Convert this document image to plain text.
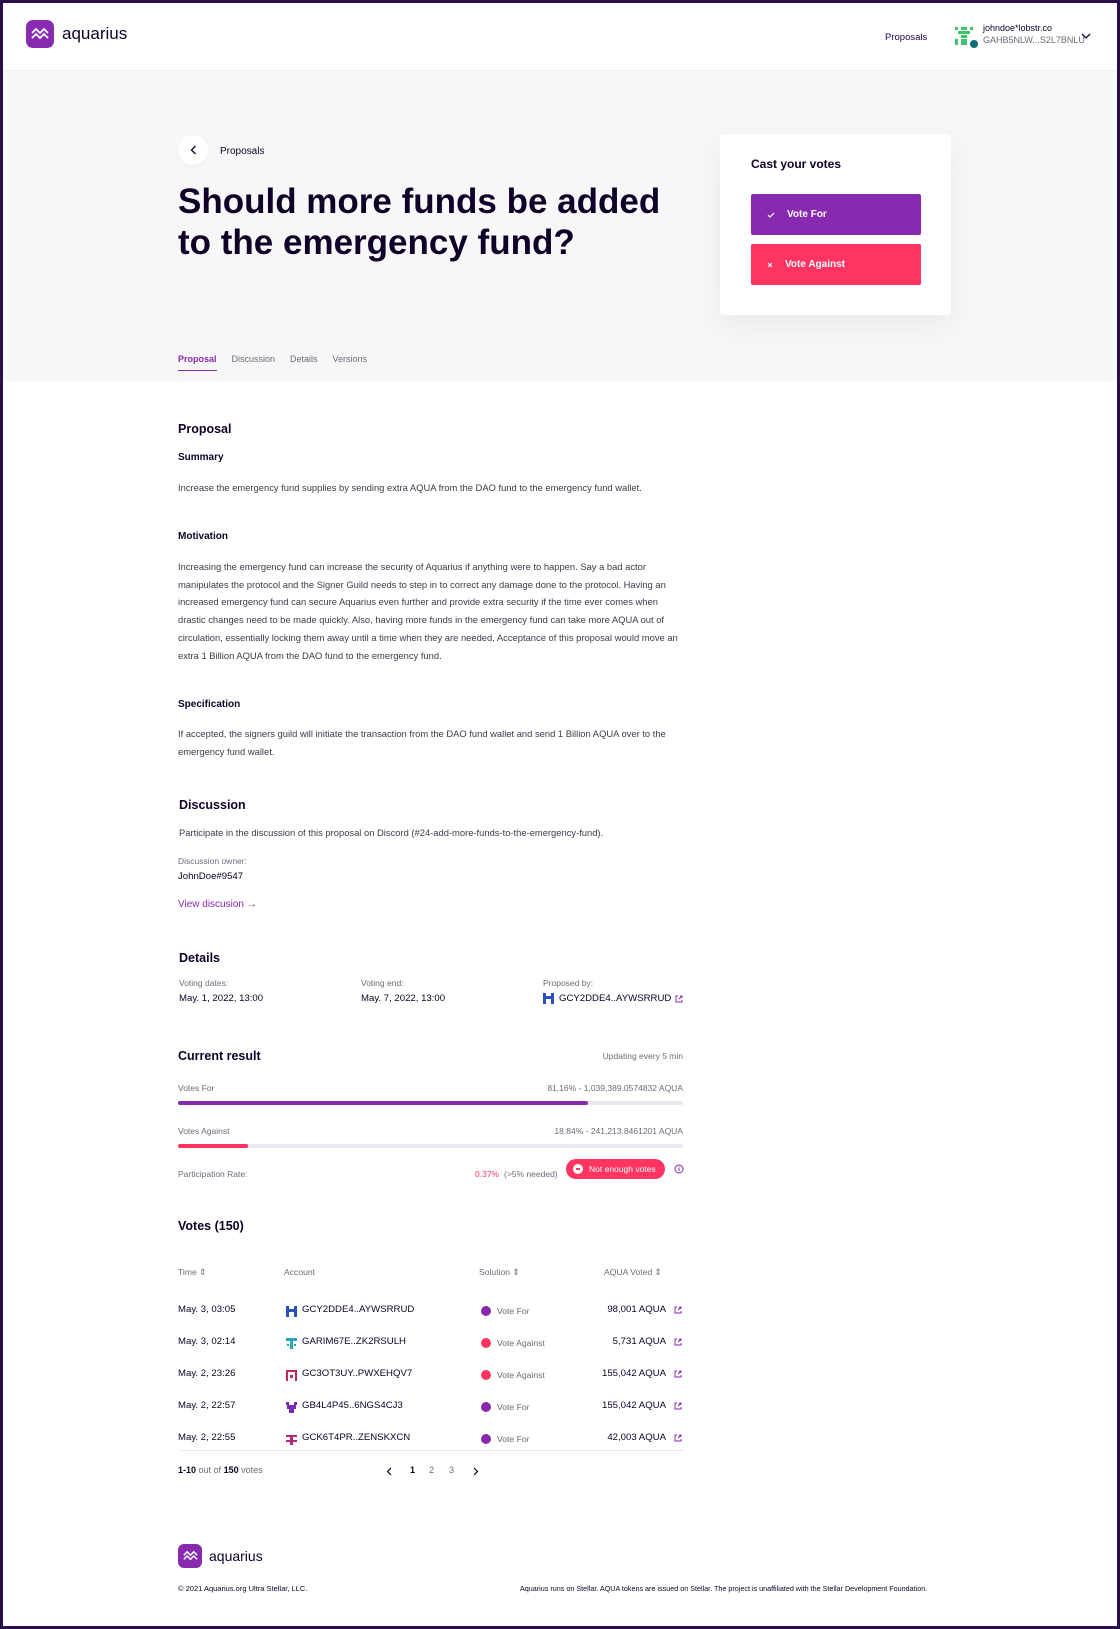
aquarius	Proposals
johndoe*lobstr.co
GAHB5NLW...S2L7BNLU
Proposals
Should more funds be added to the emergency fund?
Proposal Discussion Details Versions
Cast your votes
Vote For
Vote Against
Proposal
Summary

Increase the emergency fund supplies by sending extra AQUA from the DAO fund to the emergency fund wallet.

Motivation

Increasing the emergency fund can increase the security of Aquarius if anything were to happen. Say a bad actor manipulates the protocol and the Signer Guild needs to step in to correct any damage done to the protocol. Having an increased emergency fund can secure Aquarius even further and provide extra security if the time ever comes when drastic changes need to be made quickly. Also, having more funds in the emergency fund can take more AQUA out of circulation, essentially locking them away until a time when they are needed. Acceptance of this proposal would move an extra 1 Billion AQUA from the DAO fund to the emergency fund.

Specification

If accepted, the signers guild will initiate the transaction from the DAO fund wallet and send 1 Billion AQUA over to the emergency fund wallet.

Discussion

Participate in the discussion of this proposal on Discord (#24-add-more-funds-to-the-emergency-fund).

Discussion owner:
JohnDoe#9547
View discusion →
Details
Voting dates:
May. 1, 2022, 13:00
Voting end:
May. 7, 2022, 13:00
Proposed by:
GCY2DDE4..AYWSRRUD
Current result	Updating every 5 min
Votes For	81.16% - 1,039,389.0574832 AQUA
Votes Against	18.84% - 241,213.8461201 AQUA
Participation Rate:	0.37% (>5% needed)	Not enough votes
Votes (150)
Time ⇕	Account	Solution ⇕	AQUA Voted ⇕
May. 3, 03:05	GCY2DDE4..AYWSRRUD	Vote For	98,001 AQUA
May. 3, 02:14	GARIM67E..ZK2RSULH	Vote Against	5,731 AQUA
May. 2, 23:26	GC3OT3UY..PWXEHQV7	Vote Against	155,042 AQUA
May. 2, 22:57	GB4L4P45..6NGS4CJ3	Vote For	155,042 AQUA
May. 2, 22:55	GCK6T4PR..ZENSKXCN	Vote For	42,003 AQUA
1-10 out of 150 votes	1 2 3
aquarius
© 2021 Aquarius.org Ultra Stellar, LLC.	Aquarius runs on Stellar. AQUA tokens are issued on Stellar. The project is unaffiliated with the Stellar Development Foundation.
